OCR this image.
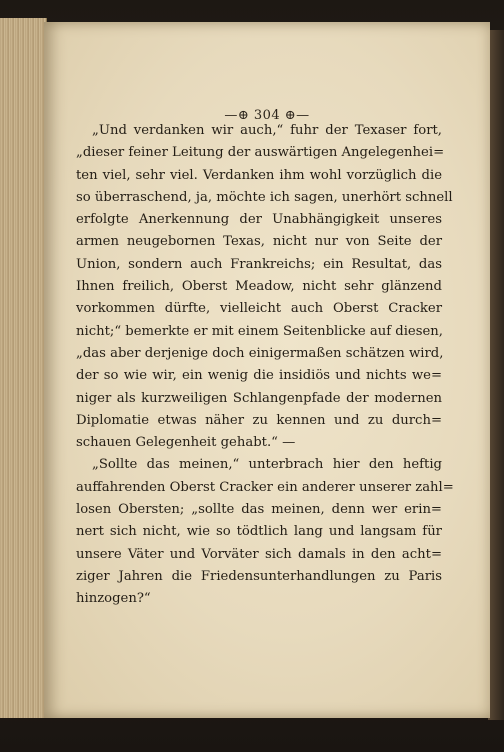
—⊕ 304 ⊕—
„Und verdanken wir auch,“ fuhr der Texaser fort,
„dieser feiner Leitung der auswärtigen Angelegenhei=
ten viel, sehr viel. Verdanken ihm wohl vorzüglich die
so überraschend, ja, möchte ich sagen, unerhört schnell
erfolgte Anerkennung der Unabhängigkeit unseres
armen neugebornen Texas, nicht nur von Seite der
Union, sondern auch Frankreichs; ein Resultat, das
Ihnen freilich, Oberst Meadow, nicht sehr glänzend
vorkommen dürfte, vielleicht auch Oberst Cracker
nicht;“ bemerkte er mit einem Seitenblicke auf diesen,
„das aber derjenige doch einigermaßen schätzen wird,
der so wie wir, ein wenig die insidiös und nichts we=
niger als kurzweiligen Schlangenpfade der modernen
Diplomatie etwas näher zu kennen und zu durch=
schauen Gelegenheit gehabt.“ —
„Sollte das meinen,“ unterbrach hier den heftig
auffahrenden Oberst Cracker ein anderer unserer zahl=
losen Obersten; „sollte das meinen, denn wer erin=
nert sich nicht, wie so tödtlich lang und langsam für
unsere Väter und Vorväter sich damals in den acht=
ziger Jahren die Friedensunterhandlungen zu Paris
hinzogen?“
